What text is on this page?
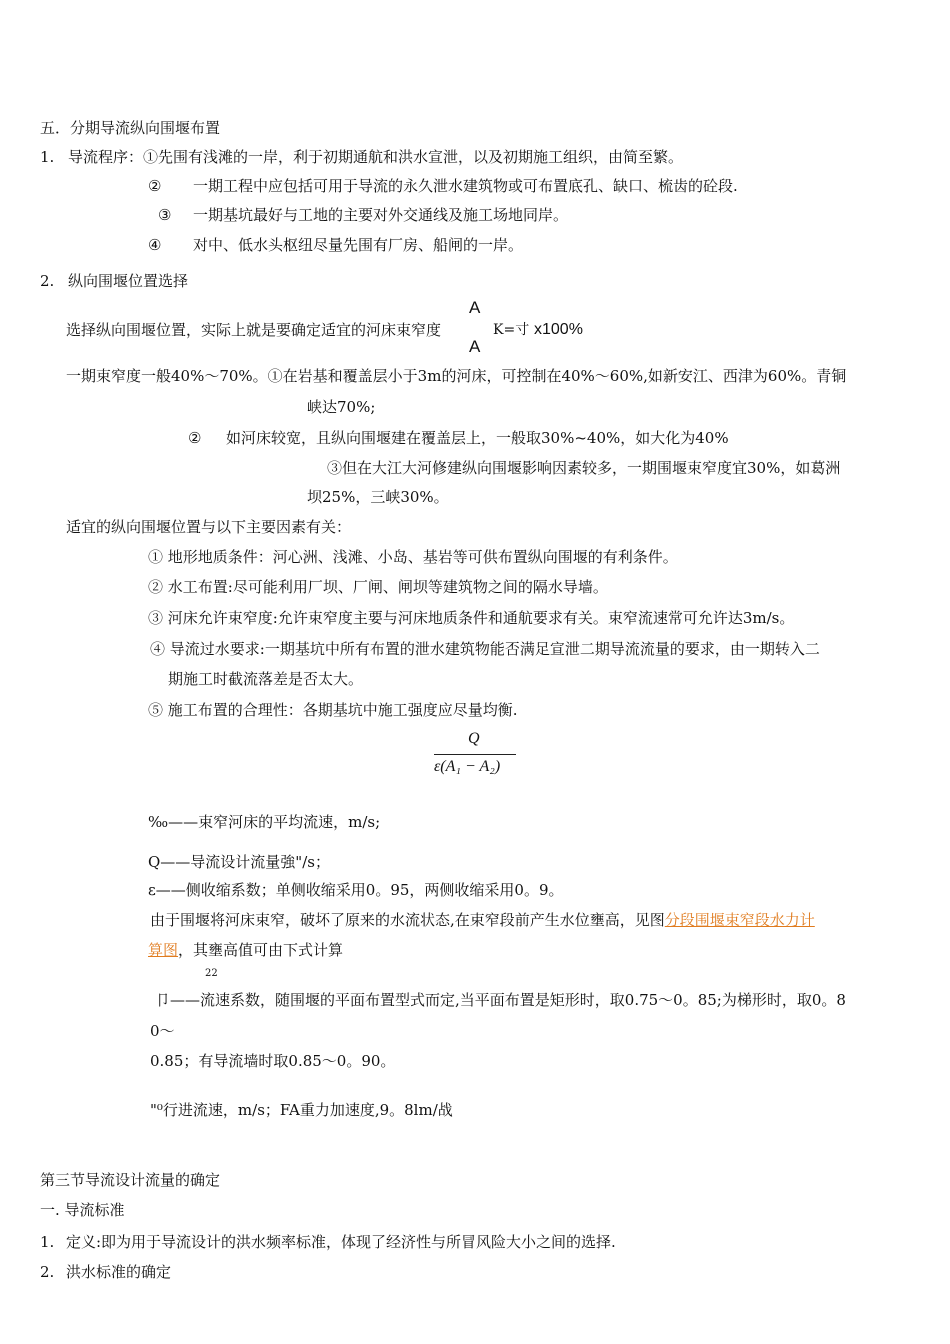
五．分期导流纵向围堰布置
1. 导流程序：①先围有浅滩的一岸，利于初期通航和洪水宣泄，以及初期施工组织，由简至繁。
② 一期工程中应包括可用于导流的永久泄水建筑物或可布置底孔、缺口、梳齿的砼段.
③ 一期基坑最好与工地的主要对外交通线及施工场地同岸。
④ 对中、低水头枢纽尽量先围有厂房、船闸的一岸。
2. 纵向围堰位置选择
A
选择纵向围堰位置，实际上就是要确定适宜的河床束窄度	K=寸 x100%
A
一期束窄度一般40%〜70%。①在岩基和覆盖层小于3m的河床，可控制在40%〜60%,如新安江、西津为60%。青铜
峡达70%;
② 如河床较宽，且纵向围堰建在覆盖层上，一般取30%~40%，如大化为40%
③但在大江大河修建纵向围堰影响因素较多，一期围堰束窄度宜30%，如葛洲
坝25%，三峡30%。
适宜的纵向围堰位置与以下主要因素有关：
① 地形地质条件：河心洲、浅滩、小岛、基岩等可供布置纵向围堰的有利条件。
② 水工布置:尽可能利用厂坝、厂闸、闸坝等建筑物之间的隔水导墙。
③ 河床允许束窄度:允许束窄度主要与河床地质条件和通航要求有关。束窄流速常可允许达3m/s。
④ 导流过水要求:一期基坑中所有布置的泄水建筑物能否满足宣泄二期导流流量的要求，由一期转入二
期施工时截流落差是否太大。
⑤ 施工布置的合理性：各期基坑中施工强度应尽量均衡.
Q
ε(A₁ − A₂)
‰——束窄河床的平均流速，m/s;
Q——导流设计流量強"/s；
ε——侧收缩系数；单侧收缩采用0。95，两侧收缩采用0。9。
由于围堰将河床束窄，破坏了原来的水流状态,在束窄段前产生水位壅高，见图分段围堰束窄段水力计
算图，其壅高值可由下式计算
22
卩——流速系数，随围堰的平面布置型式而定,当平面布置是矩形时，取0.75〜0。85;为梯形时，取0。8
0〜
0.85；有导流墙时取0.85〜0。90。
"⁰行进流速，m/s；FA重力加速度,9。8lm/战
第三节导流设计流量的确定
一. 导流标准
1. 定义:即为用于导流设计的洪水频率标准，体现了经济性与所冒风险大小之间的选择.
2. 洪水标准的确定
